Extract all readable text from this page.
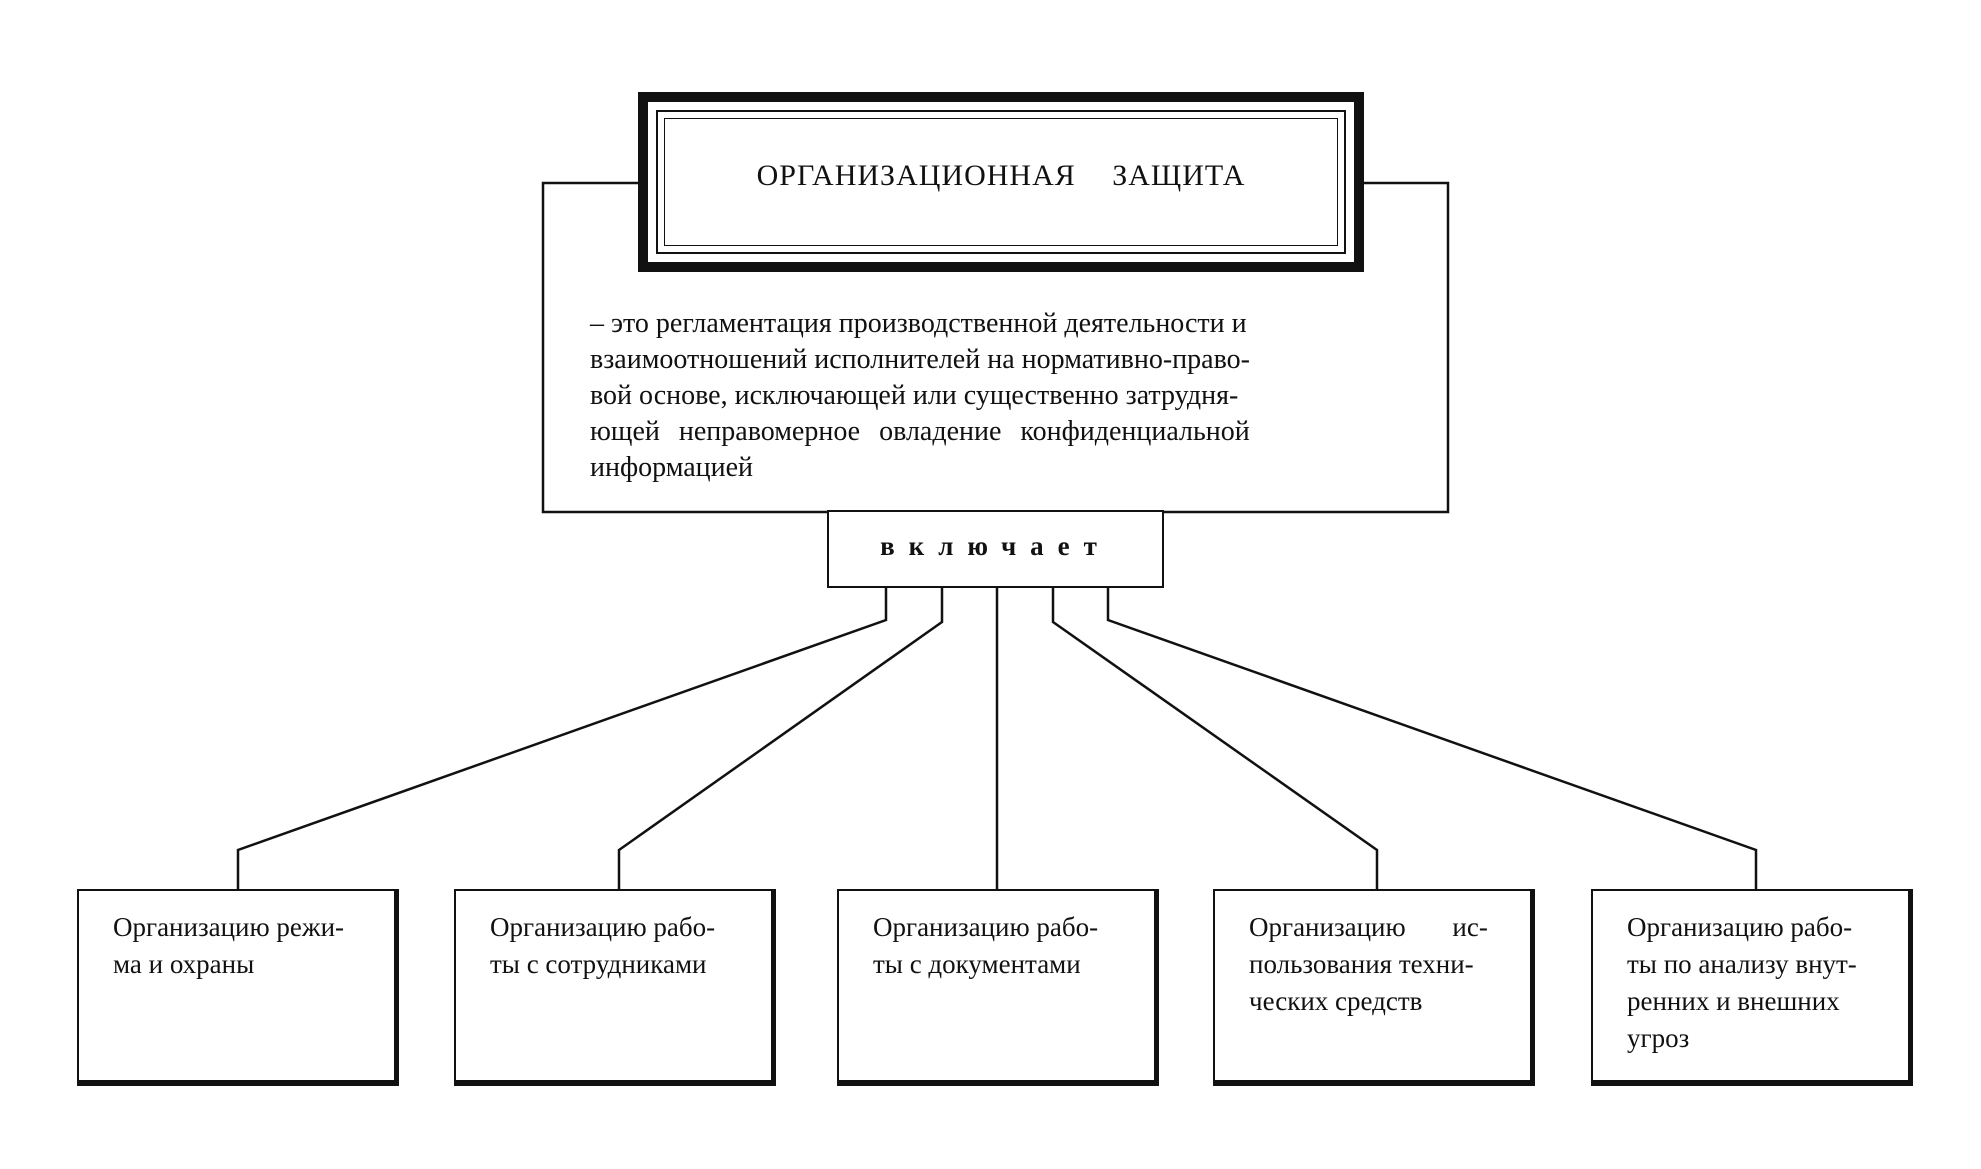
ОРГАНИЗАЦИОННАЯ ЗАЩИТА
– это регламентация производственной деятельности и
взаимоотношений исполнителей на нормативно-право-
вой основе, исключающей или существенно затрудня-
ющей неправомерное овладение конфиденциальной
информацией
включает
Организацию режи-
ма и охраны
Организацию рабо-
ты с сотрудниками
Организацию рабо-
ты с документами
Организацию ис-
пользования техни-
ческих средств
Организацию рабо-
ты по анализу внут-
ренних и внешних
угроз
